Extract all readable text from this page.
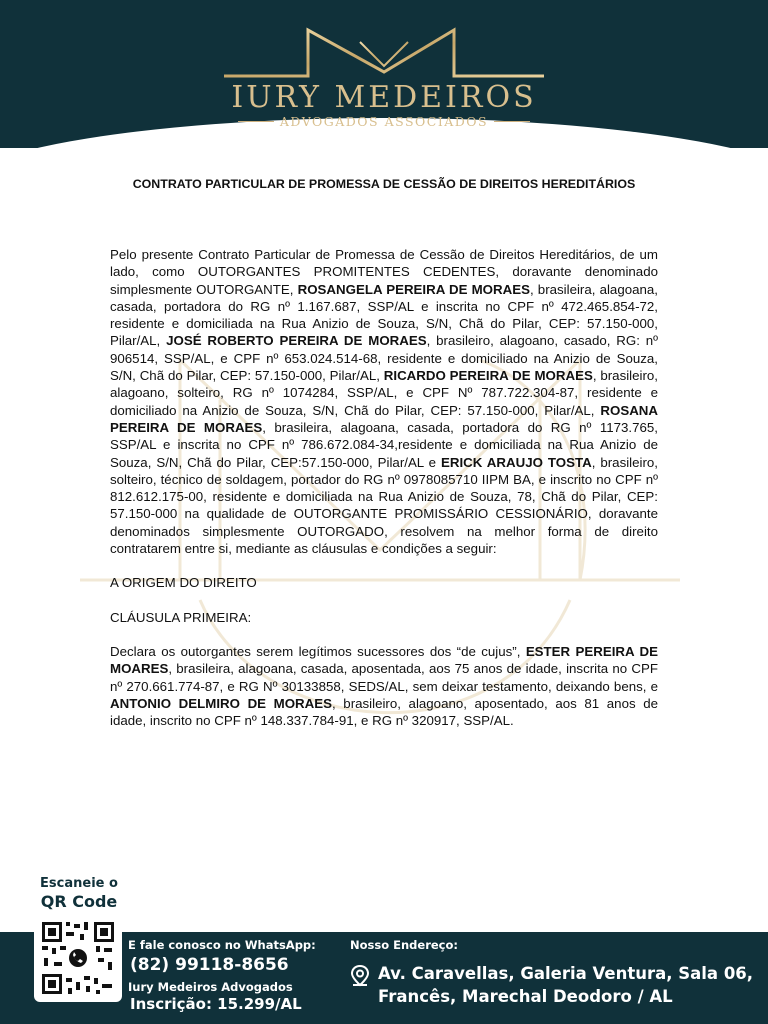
IURY MEDEIROS
ADVOGADOS ASSOCIADOS
CONTRATO PARTICULAR DE PROMESSA DE CESSÃO DE DIREITOS HEREDITÁRIOS

Pelo presente Contrato Particular de Promessa de Cessão de Direitos Hereditários, de um lado, como OUTORGANTES PROMITENTES CEDENTES, doravante denominado simplesmente OUTORGANTE, ROSANGELA PEREIRA DE MORAES, brasileira, alagoana, casada, portadora do RG nº 1.167.687, SSP/AL e inscrita no CPF nº 472.465.854-72, residente e domiciliada na Rua Anizio de Souza, S/N, Chã do Pilar, CEP: 57.150-000, Pilar/AL, JOSÉ ROBERTO PEREIRA DE MORAES, brasileiro, alagoano, casado, RG: nº 906514, SSP/AL, e CPF nº 653.024.514-68, residente e domiciliado na Anizio de Souza, S/N, Chã do Pilar, CEP: 57.150-000, Pilar/AL, RICARDO PEREIRA DE MORAES, brasileiro, alagoano, solteiro, RG nº 1074284, SSP/AL, e CPF Nº 787.722.304-87, residente e domiciliado na Anizio de Souza, S/N, Chã do Pilar, CEP: 57.150-000, Pilar/AL, ROSANA PEREIRA DE MORAES, brasileira, alagoana, casada, portadora do RG nº 1173.765, SSP/AL e inscrita no CPF nº 786.672.084-34,residente e domiciliada na Rua Anizio de Souza, S/N, Chã do Pilar, CEP:57.150-000, Pilar/AL e ERICK ARAUJO TOSTA, brasileiro, solteiro, técnico de soldagem, portador do RG nº 0978085710 IIPM BA, e inscrito no CPF nº 812.612.175-00, residente e domiciliada na Rua Anizio de Souza, 78, Chã do Pilar, CEP: 57.150-000 na qualidade de OUTORGANTE PROMISSÁRIO CESSIONÁRIO, doravante denominados simplesmente OUTORGADO, resolvem na melhor forma de direito contratarem entre si, mediante as cláusulas e condições a seguir:

A ORIGEM DO DIREITO

CLÁUSULA PRIMEIRA:

Declara os outorgantes serem legítimos sucessores dos “de cujus”, ESTER PEREIRA DE MOARES, brasileira, alagoana, casada, aposentada, aos 75 anos de idade, inscrita no CPF nº 270.661.774-87, e RG Nº 30133858, SEDS/AL, sem deixar testamento, deixando bens, e ANTONIO DELMIRO DE MORAES, brasileiro, alagoano, aposentado, aos 81 anos de idade, inscrito no CPF nº 148.337.784-91, e RG nº 320917, SSP/AL.

Escaneie o
QR Code
E fale conosco no WhatsApp:
(82) 99118-8656
Iury Medeiros Advogados
Inscrição: 15.299/AL
Nosso Endereço:
Av. Caravellas, Galeria Ventura, Sala 06,
Francês, Marechal Deodoro / AL
